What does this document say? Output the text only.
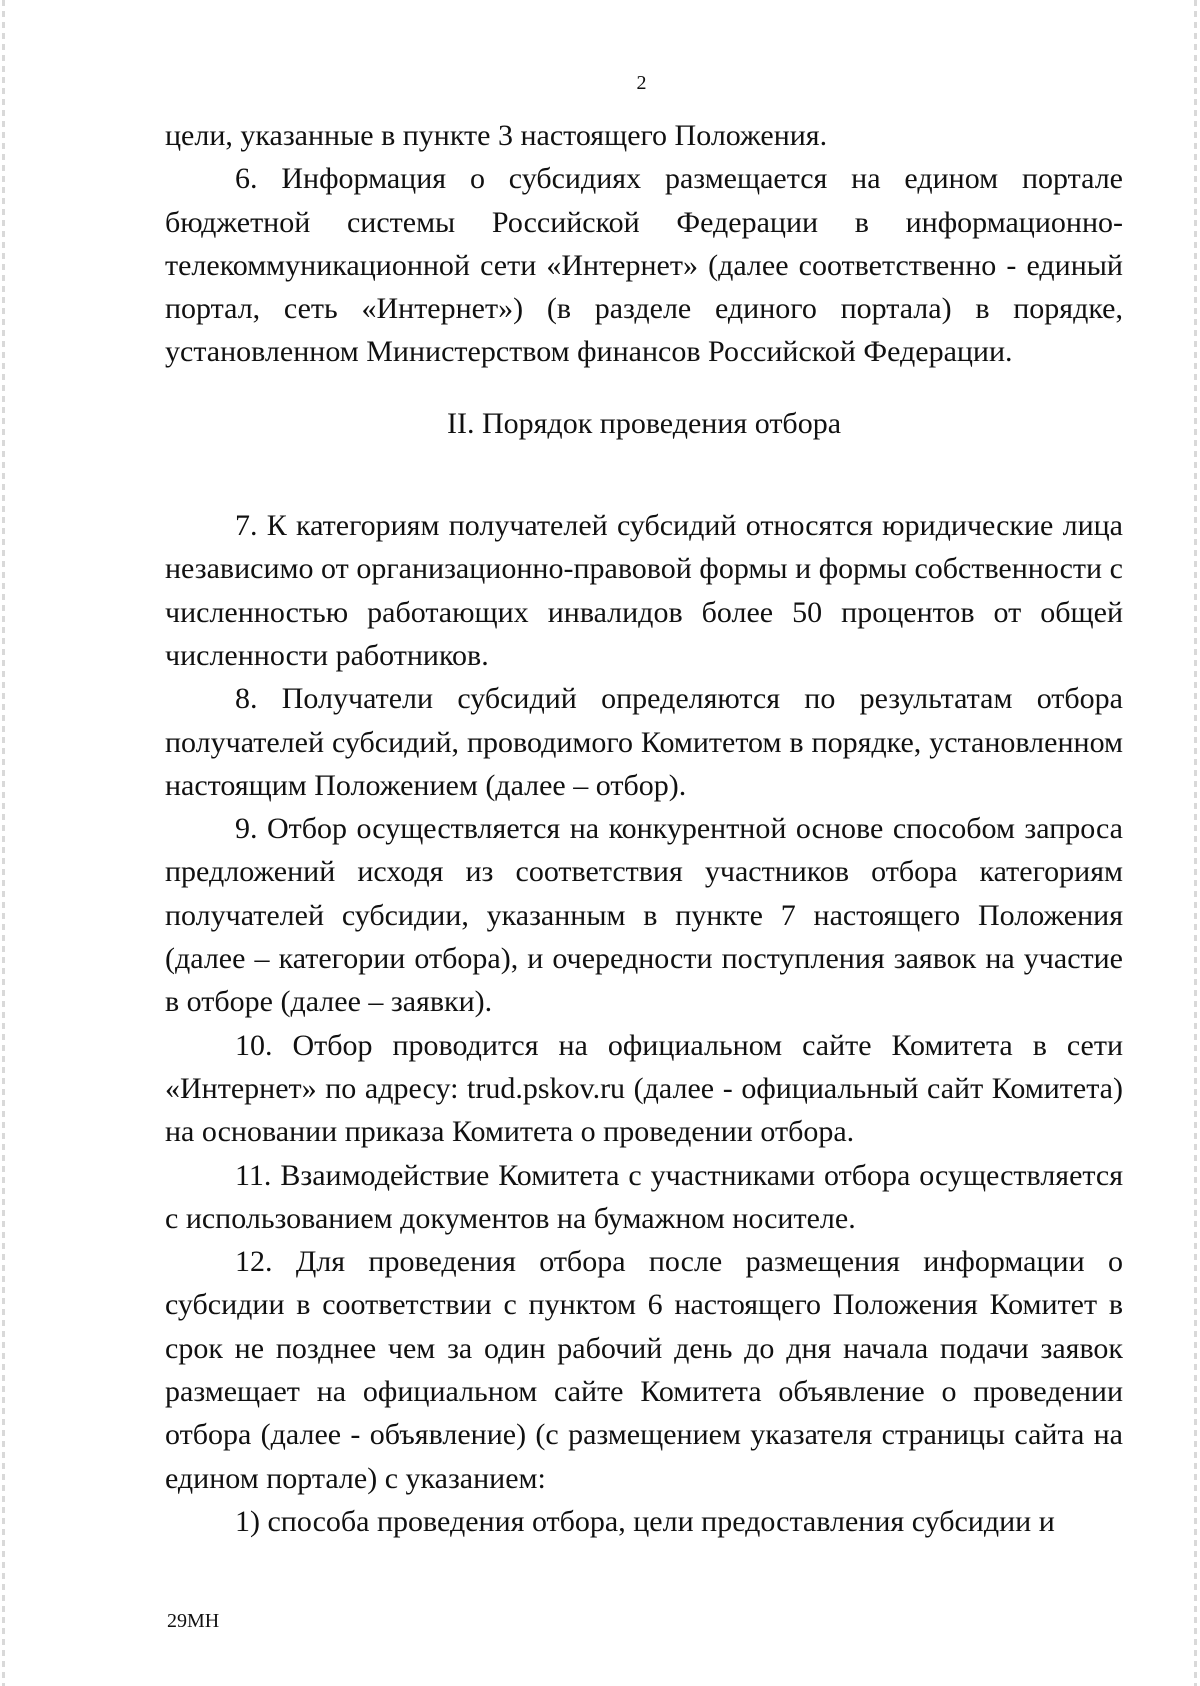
2

цели, указанные в пункте 3 настоящего Положения.

6. Информация о субсидиях размещается на едином портале бюджетной системы Российской Федерации в информационно-телекоммуникационной сети «Интернет» (далее соответственно - единый портал, сеть «Интернет») (в разделе единого портала) в порядке, установленном Министерством финансов Российской Федерации.

II. Порядок проведения отбора

7. К категориям получателей субсидий относятся юридические лица независимо от организационно-правовой формы и формы собственности с численностью работающих инвалидов более 50 процентов от общей численности работников.

8. Получатели субсидий определяются по результатам отбора получателей субсидий, проводимого Комитетом в порядке, установленном настоящим Положением (далее – отбор).

9. Отбор осуществляется на конкурентной основе способом запроса предложений исходя из соответствия участников отбора категориям получателей субсидии, указанным в пункте 7 настоящего Положения (далее – категории отбора), и очередности поступления заявок на участие в отборе (далее – заявки).

10. Отбор проводится на официальном сайте Комитета в сети «Интернет» по адресу: trud.pskov.ru (далее - официальный сайт Комитета) на основании приказа Комитета о проведении отбора.

11. Взаимодействие Комитета с участниками отбора осуществляется с использованием документов на бумажном носителе.

12. Для проведения отбора после размещения информации о субсидии в соответствии с пунктом 6 настоящего Положения Комитет в срок не позднее чем за один рабочий день до дня начала подачи заявок размещает на официальном сайте Комитета объявление о проведении отбора (далее - объявление) (с размещением указателя страницы сайта на едином портале) с указанием:

1) способа проведения отбора, цели предоставления субсидии и

29МН
